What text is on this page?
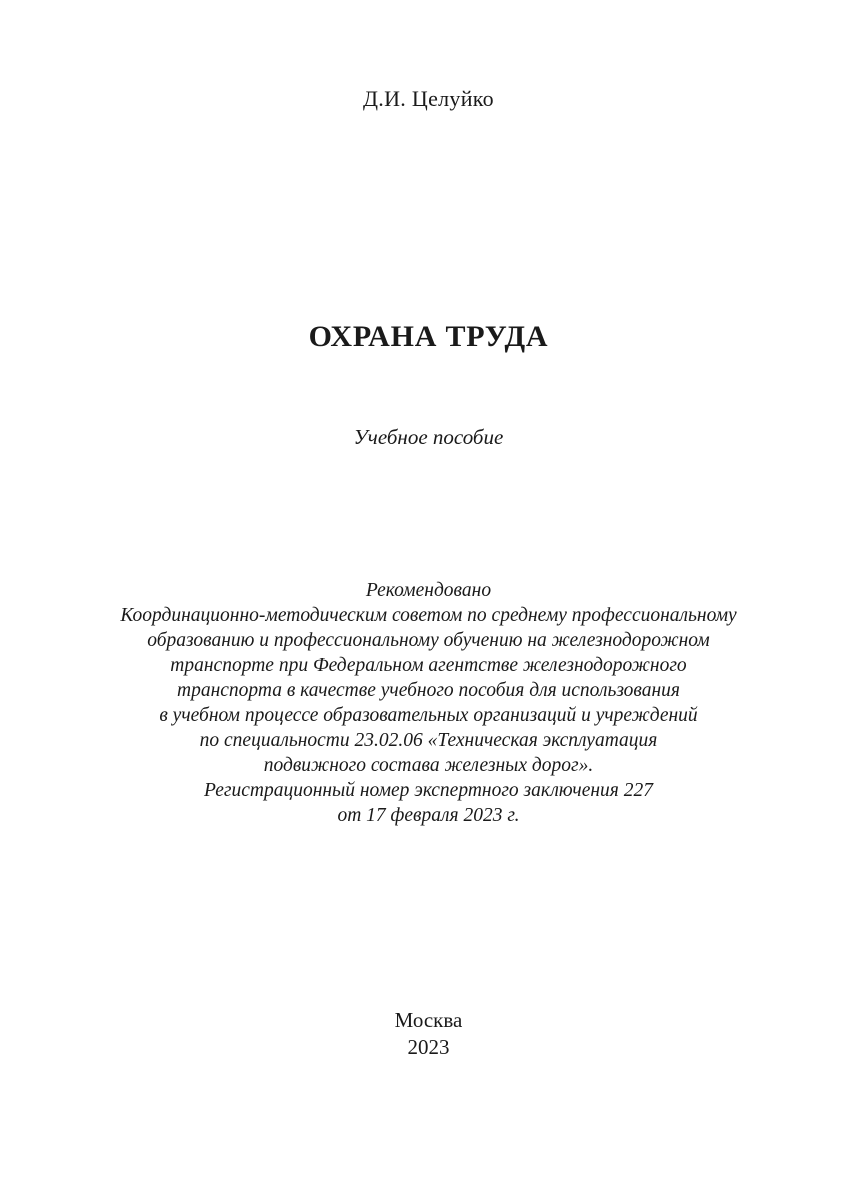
Д.И. Целуйко
ОХРАНА ТРУДА
Учебное пособие
Рекомендовано
Координационно-методическим советом по среднему профессиональному
образованию и профессиональному обучению на железнодорожном
транспорте при Федеральном агентстве железнодорожного
транспорта в качестве учебного пособия для использования
в учебном процессе образовательных организаций и учреждений
по специальности 23.02.06 «Техническая эксплуатация
подвижного состава железных дорог».
Регистрационный номер экспертного заключения 227
от 17 февраля 2023 г.
Москва
2023
